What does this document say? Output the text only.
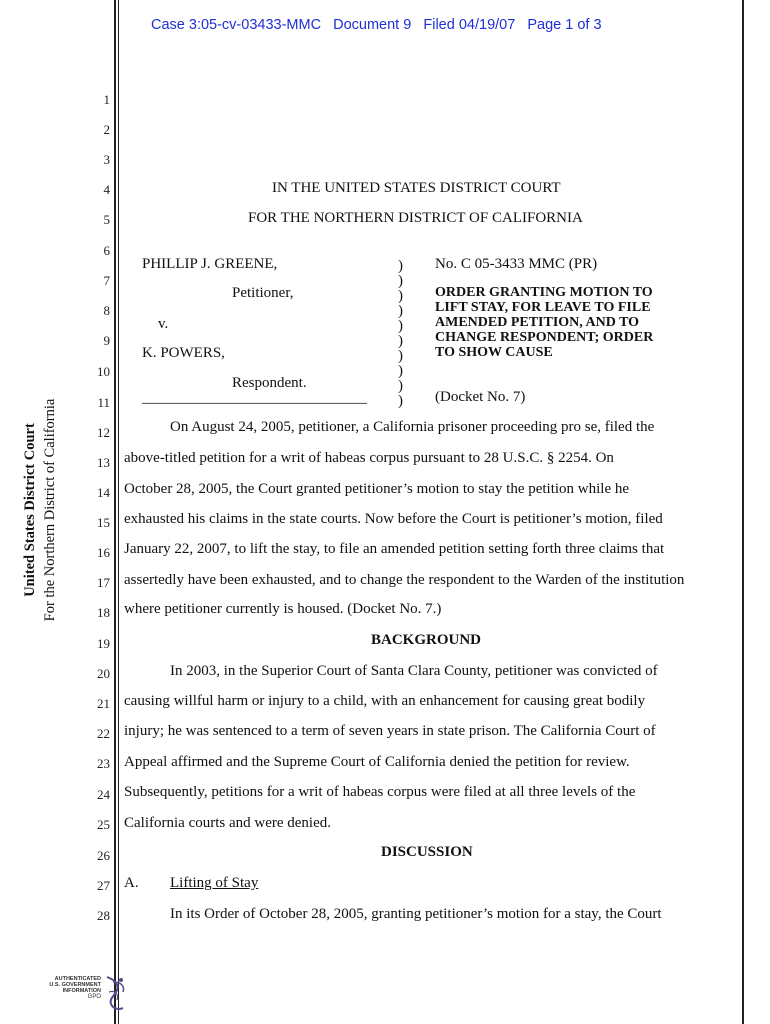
Case 3:05-cv-03433-MMC   Document 9   Filed 04/19/07   Page 1 of 3
United States District Court For the Northern District of California
1
2
3
4
5
6
7
8
9
10
11
12
13
14
15
16
17
18
19
20
21
22
23
24
25
26
27
28
IN THE UNITED STATES DISTRICT COURT
FOR THE NORTHERN DISTRICT OF CALIFORNIA
PHILLIP J. GREENE,
Petitioner,
v.
K. POWERS,
Respondent.
______________________________
)
)
)
)
)
)
)
)
)
)
No. C 05-3433 MMC (PR)
ORDER GRANTING MOTION TO
LIFT STAY, FOR LEAVE TO FILE
AMENDED PETITION, AND TO
CHANGE RESPONDENT; ORDER
TO SHOW CAUSE
(Docket No. 7)
On August 24, 2005, petitioner, a California prisoner proceeding pro se, filed the
above-titled petition for a writ of habeas corpus pursuant to 28 U.S.C. § 2254. On
October 28, 2005, the Court granted petitioner’s motion to stay the petition while he
exhausted his claims in the state courts. Now before the Court is petitioner’s motion, filed
January 22, 2007, to lift the stay, to file an amended petition setting forth three claims that
assertedly have been exhausted, and to change the respondent to the Warden of the institution
where petitioner currently is housed. (Docket No. 7.)
BACKGROUND
In 2003, in the Superior Court of Santa Clara County, petitioner was convicted of
causing willful harm or injury to a child, with an enhancement for causing great bodily
injury; he was sentenced to a term of seven years in state prison. The California Court of
Appeal affirmed and the Supreme Court of California denied the petition for review.
Subsequently, petitions for a writ of habeas corpus were filed at all three levels of the
California courts and were denied.
DISCUSSION
A. Lifting of Stay
In its Order of October 28, 2005, granting petitioner’s motion for a stay, the Court
AUTHENTICATED
U.S. GOVERNMENT
INFORMATION
GPO
